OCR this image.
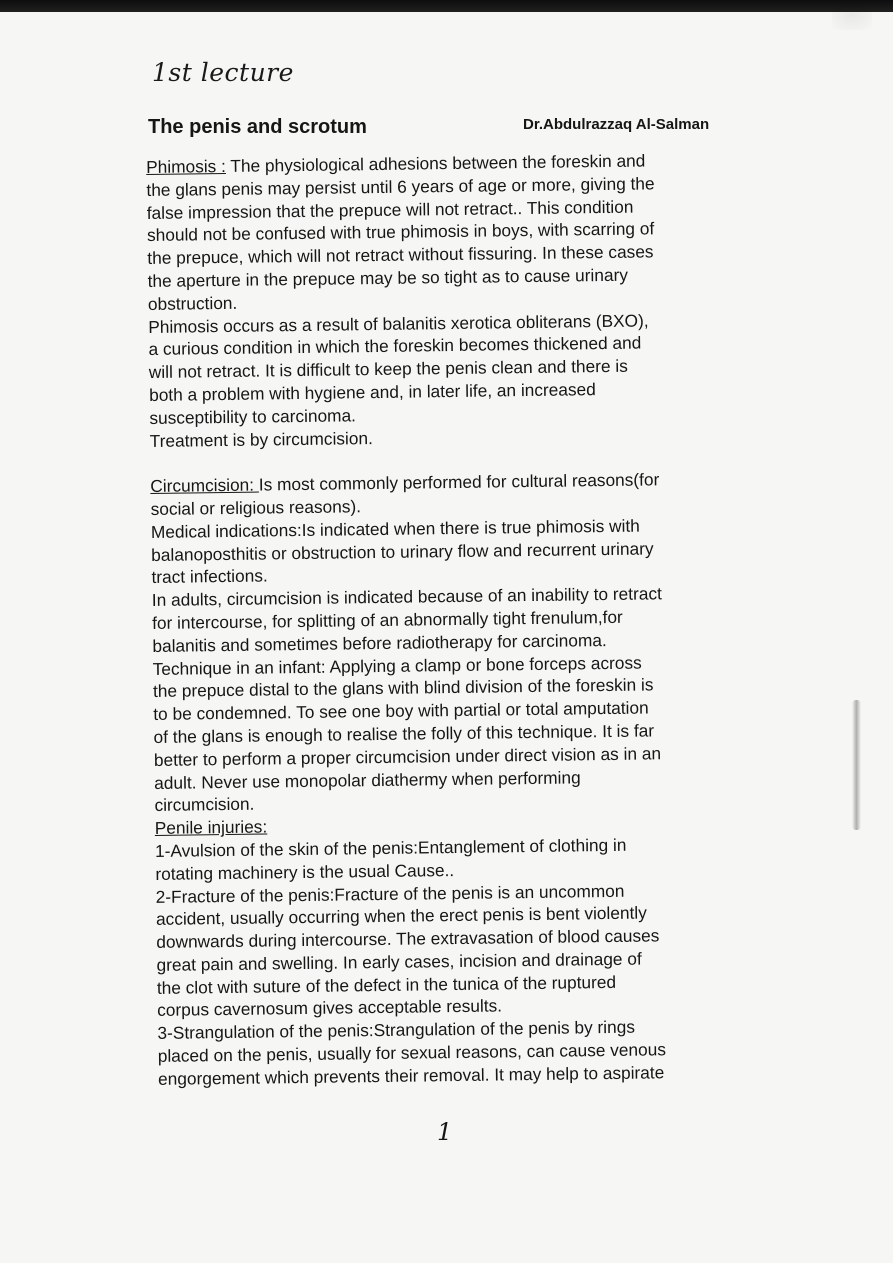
1st lecture
The penis and scrotum	Dr.Abdulrazzaq Al-Salman
Phimosis : The physiological adhesions between the foreskin and
the glans penis may persist until 6 years of age or more, giving the
false impression that the prepuce will not retract.. This condition
should not be confused with true phimosis in boys, with scarring of
the prepuce, which will not retract without fissuring. In these cases
the aperture in the prepuce may be so tight as to cause urinary
obstruction.
Phimosis occurs as a result of balanitis xerotica obliterans (BXO),
a curious condition in which the foreskin becomes thickened and
will not retract. It is difficult to keep the penis clean and there is
both a problem with hygiene and, in later life, an increased
susceptibility to carcinoma.
Treatment is by circumcision.
Circumcision: Is most commonly performed for cultural reasons(for
social or religious reasons).
Medical indications:Is indicated when there is true phimosis with
balanoposthitis or obstruction to urinary flow and recurrent urinary
tract infections.
In adults, circumcision is indicated because of an inability to retract
for intercourse, for splitting of an abnormally tight frenulum,for
balanitis and sometimes before radiotherapy for carcinoma.
Technique in an infant: Applying a clamp or bone forceps across
the prepuce distal to the glans with blind division of the foreskin is
to be condemned. To see one boy with partial or total amputation
of the glans is enough to realise the folly of this technique. It is far
better to perform a proper circumcision under direct vision as in an
adult. Never use monopolar diathermy when performing
circumcision.
Penile injuries:
1-Avulsion of the skin of the penis:Entanglement of clothing in
rotating machinery is the usual Cause..
2-Fracture of the penis:Fracture of the penis is an uncommon
accident, usually occurring when the erect penis is bent violently
downwards during intercourse. The extravasation of blood causes
great pain and swelling. In early cases, incision and drainage of
the clot with suture of the defect in the tunica of the ruptured
corpus cavernosum gives acceptable results.
3-Strangulation of the penis:Strangulation of the penis by rings
placed on the penis, usually for sexual reasons, can cause venous
engorgement which prevents their removal. It may help to aspirate
1
